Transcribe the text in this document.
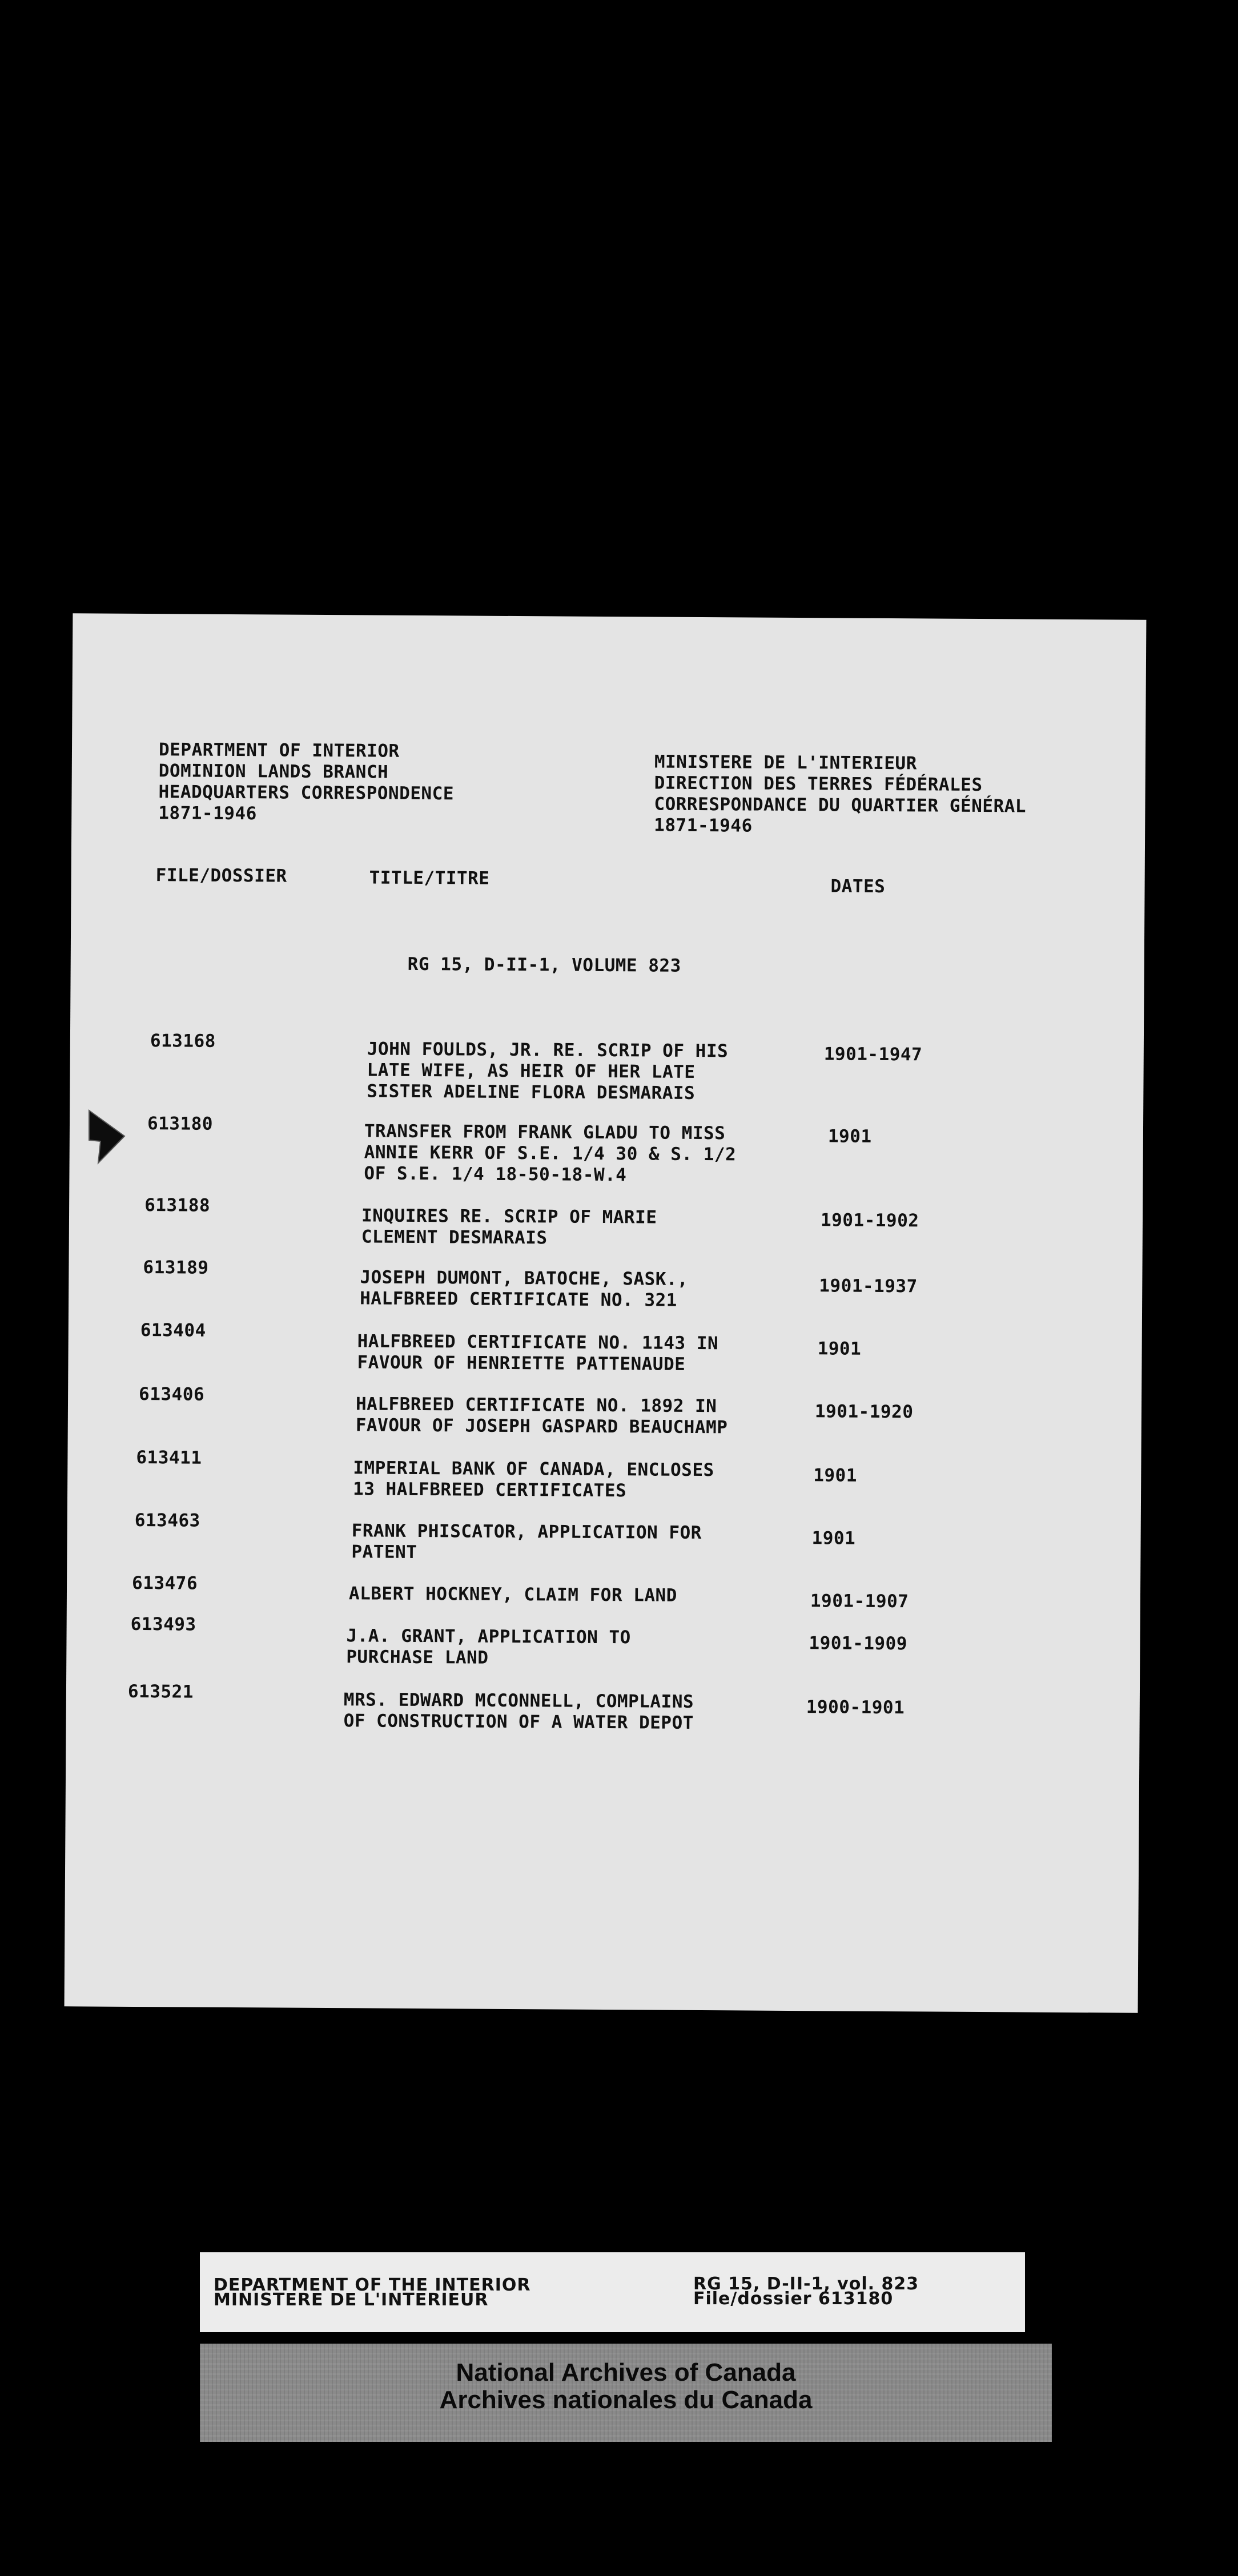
DEPARTMENT OF INTERIOR
DOMINION LANDS BRANCH
HEADQUARTERS CORRESPONDENCE
1871-1946
MINISTERE DE L'INTERIEUR
DIRECTION DES TERRES FÉDÉRALES
CORRESPONDANCE DU QUARTIER GÉNÉRAL
1871-1946
FILE/DOSSIER	TITLE/TITRE	DATES
RG 15, D-II-1, VOLUME 823
613168	JOHN FOULDS, JR. RE. SCRIP OF HIS
LATE WIFE, AS HEIR OF HER LATE
SISTER ADELINE FLORA DESMARAIS
1901-1947
613180	TRANSFER FROM FRANK GLADU TO MISS
ANNIE KERR OF S.E. 1/4 30 & S. 1/2
OF S.E. 1/4 18-50-18-W.4
1901
613188	INQUIRES RE. SCRIP OF MARIE
CLEMENT DESMARAIS
1901-1902
613189	JOSEPH DUMONT, BATOCHE, SASK.,
HALFBREED CERTIFICATE NO. 321
1901-1937
613404
HALFBREED CERTIFICATE NO. 1143 IN
FAVOUR OF HENRIETTE PATTENAUDE
1901
613406	HALFBREED CERTIFICATE NO. 1892 IN
FAVOUR OF JOSEPH GASPARD BEAUCHAMP
1901-1920
613411	IMPERIAL BANK OF CANADA, ENCLOSES
13 HALFBREED CERTIFICATES
1901
613463	FRANK PHISCATOR, APPLICATION FOR
PATENT
1901
613476	ALBERT HOCKNEY, CLAIM FOR LAND	1901-1907
613493
J.A. GRANT, APPLICATION TO
PURCHASE LAND
1901-1909
613521	MRS. EDWARD MCCONNELL, COMPLAINS
OF CONSTRUCTION OF A WATER DEPOT
1900-1901
DEPARTMENT OF THE INTERIOR
MINISTERE DE L'INTERIEUR
RG 15, D-II-1, vol. 823
File/dossier 613180
National Archives of Canada
Archives nationales du Canada
